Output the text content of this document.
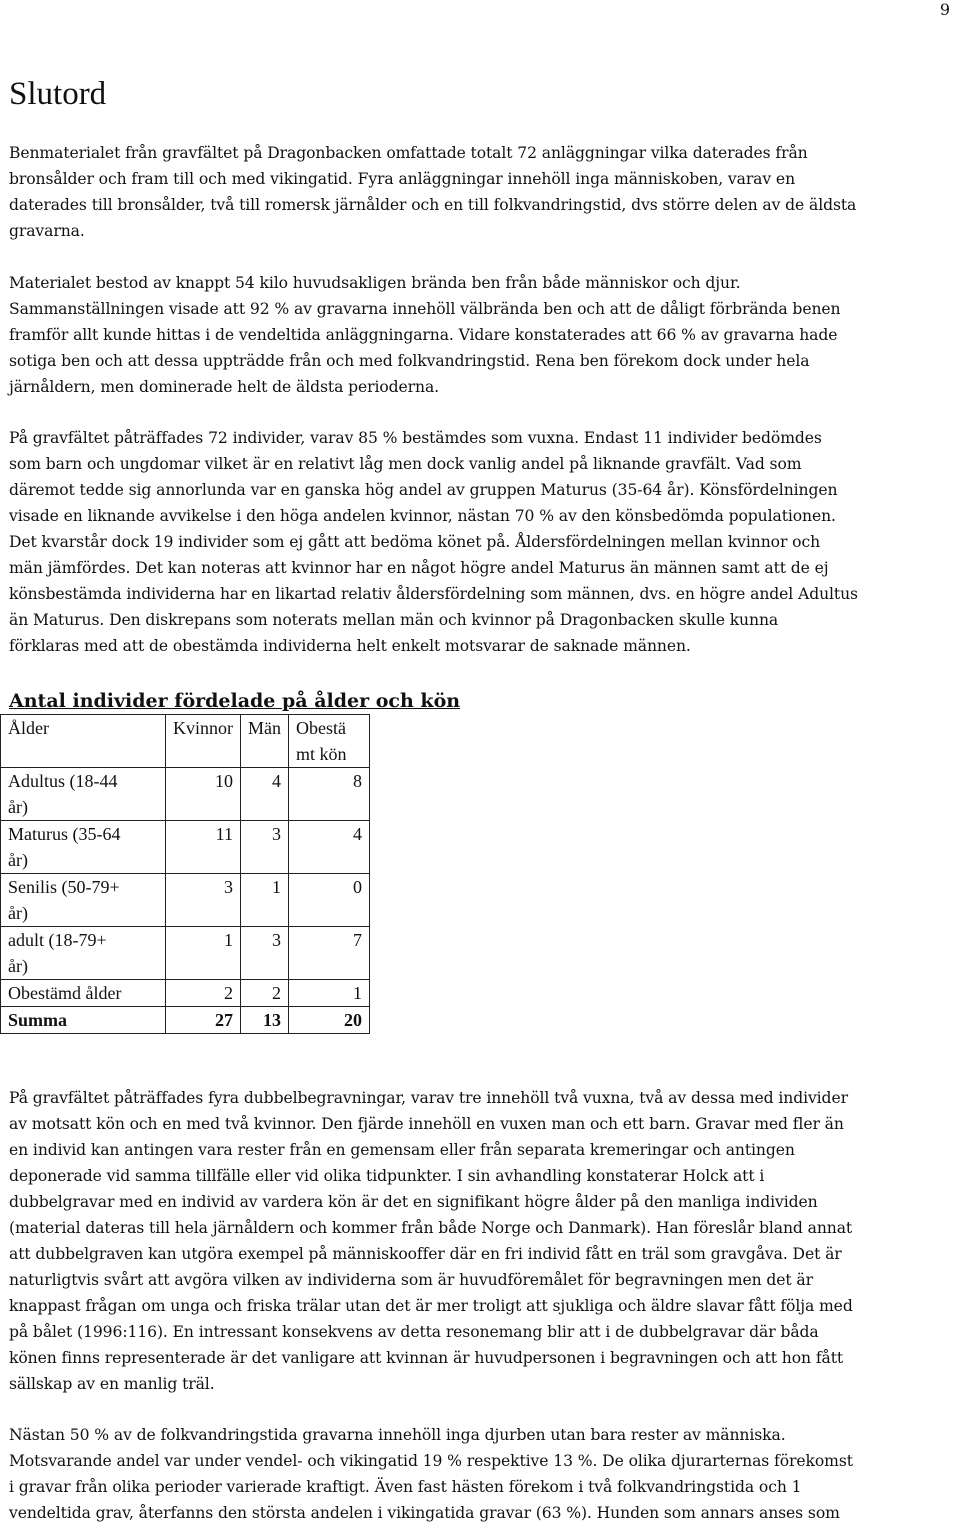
9
Slutord

Benmaterialet från gravfältet på Dragonbacken omfattade totalt 72 anläggningar vilka daterades från
bronsålder och fram till och med vikingatid. Fyra anläggningar innehöll inga människoben, varav en
daterades till bronsålder, två till romersk järnålder och en till folkvandringstid, dvs större delen av de äldsta
gravarna.

Materialet bestod av knappt 54 kilo huvudsakligen brända ben från både människor och djur.
Sammanställningen visade att 92 % av gravarna innehöll välbrända ben och att de dåligt förbrända benen
framför allt kunde hittas i de vendeltida anläggningarna. Vidare konstaterades att 66 % av gravarna hade
sotiga ben och att dessa uppträdde från och med folkvandringstid. Rena ben förekom dock under hela
järnåldern, men dominerade helt de äldsta perioderna.

På gravfältet påträffades 72 individer, varav 85 % bestämdes som vuxna. Endast 11 individer bedömdes
som barn och ungdomar vilket är en relativt låg men dock vanlig andel på liknande gravfält. Vad som
däremot tedde sig annorlunda var en ganska hög andel av gruppen Maturus (35-64 år). Könsfördelningen
visade en liknande avvikelse i den höga andelen kvinnor, nästan 70 % av den könsbedömda populationen.
Det kvarstår dock 19 individer som ej gått att bedöma könet på. Åldersfördelningen mellan kvinnor och
män jämfördes. Det kan noteras att kvinnor har en något högre andel Maturus än männen samt att de ej
könsbestämda individerna har en likartad relativ åldersfördelning som männen, dvs. en högre andel Adultus
än Maturus. Den diskrepans som noterats mellan män och kvinnor på Dragonbacken skulle kunna
förklaras med att de obestämda individerna helt enkelt motsvarar de saknade männen.

Antal individer fördelade på ålder och kön
Ålder	Kvinnor	Män	Obestä
mt kön
Adultus (18-44
år)	10	4	8
Maturus (35-64
år)	11	3	4
Senilis (50-79+
år)	3	1	0
adult (18-79+
år)	1	3	7
Obestämd ålder	2	2	1
Summa	27	13	20

På gravfältet påträffades fyra dubbelbegravningar, varav tre innehöll två vuxna, två av dessa med individer
av motsatt kön och en med två kvinnor. Den fjärde innehöll en vuxen man och ett barn. Gravar med fler än
en individ kan antingen vara rester från en gemensam eller från separata kremeringar och antingen
deponerade vid samma tillfälle eller vid olika tidpunkter. I sin avhandling konstaterar Holck att i
dubbelgravar med en individ av vardera kön är det en signifikant högre ålder på den manliga individen
(material dateras till hela järnåldern och kommer från både Norge och Danmark). Han föreslår bland annat
att dubbelgraven kan utgöra exempel på människooffer där en fri individ fått en träl som gravgåva. Det är
naturligtvis svårt att avgöra vilken av individerna som är huvudföremålet för begravningen men det är
knappast frågan om unga och friska trälar utan det är mer troligt att sjukliga och äldre slavar fått följa med
på bålet (1996:116). En intressant konsekvens av detta resonemang blir att i de dubbelgravar där båda
könen finns representerade är det vanligare att kvinnan är huvudpersonen i begravningen och att hon fått
sällskap av en manlig träl.

Nästan 50 % av de folkvandringstida gravarna innehöll inga djurben utan bara rester av människa.
Motsvarande andel var under vendel- och vikingatid 19 % respektive 13 %. De olika djurarternas förekomst
i gravar från olika perioder varierade kraftigt. Även fast hästen förekom i två folkvandringstida och 1
vendeltida grav, återfanns den största andelen i vikingatida gravar (63 %). Hunden som annars anses som
